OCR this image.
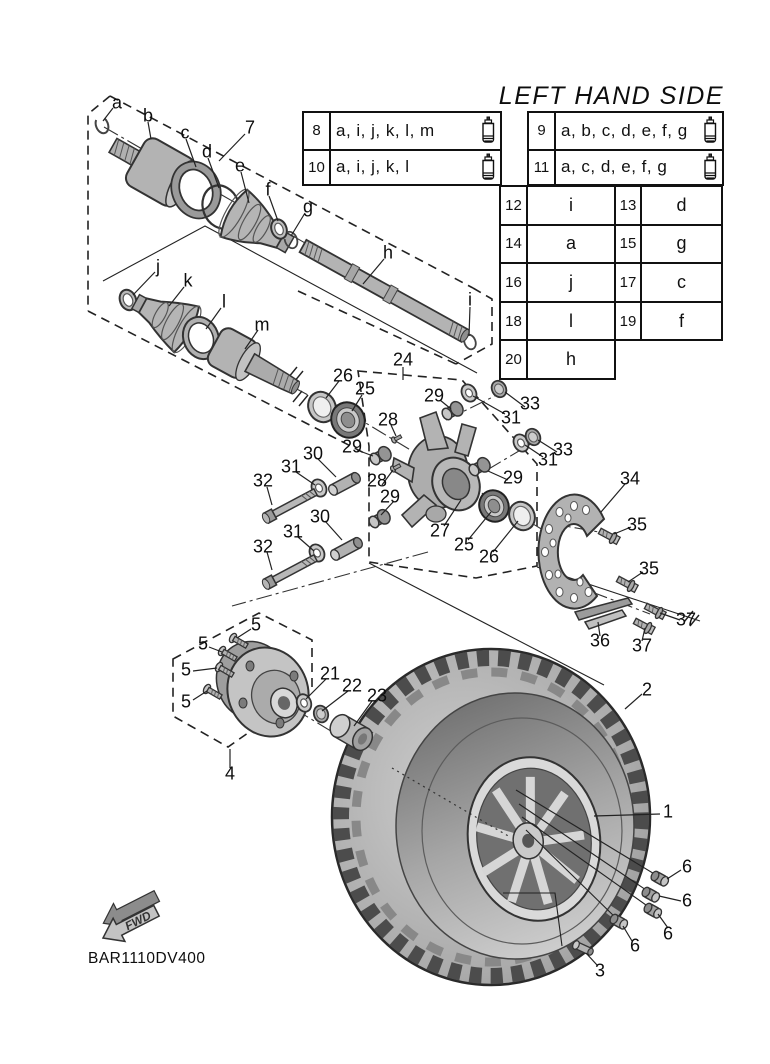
FWD
LEFT HAND SIDE
BAR1110DV400
8 a, i, j, k, l, m
10 a, i, j, k, l
9 a, b, c, d, e, f, g
11 a, c, d, e, f, g
12	i	13	d
14	a	15	g
16	j	17	c
18	l	19	f
20	h
a
b
c
d
e
f
g
7
h
i
j
k
l
m
24
26
25
28
29
29
30
31
32	28
29
30
31
32
33
31
33
31
29
27
25
26
34
35
35
36
37
37
5
5
5
5
4
21
22 23	2
1
6
6
6
6
3
